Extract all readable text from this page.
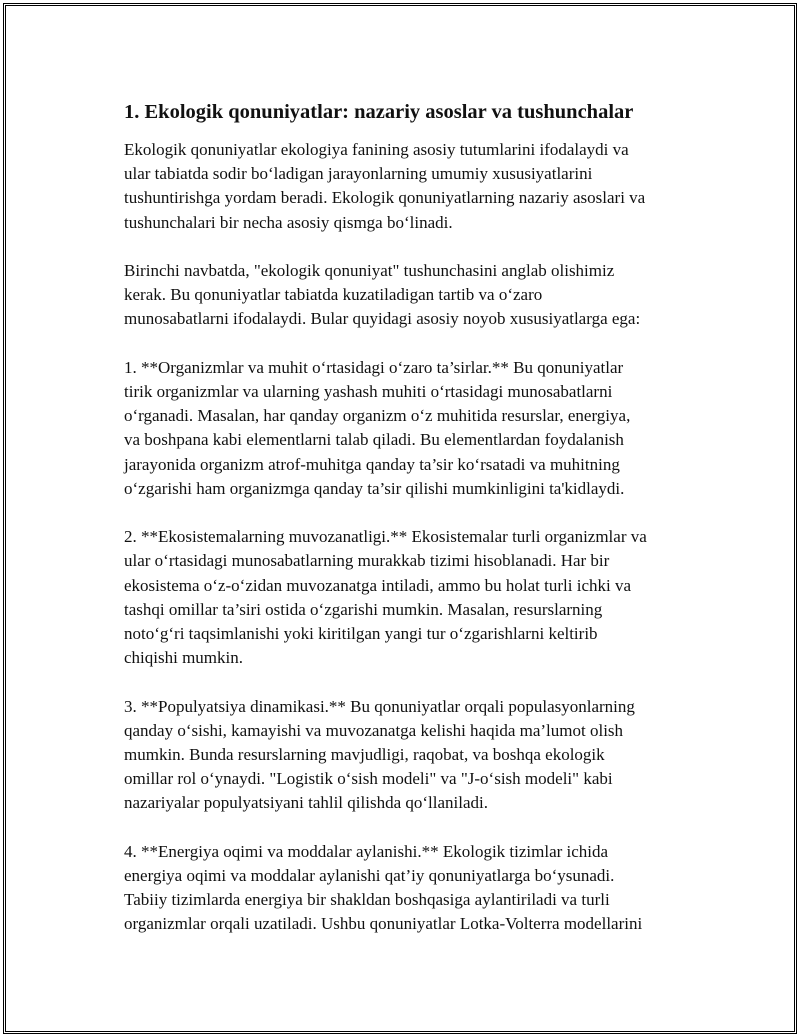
1. Ekologik qonuniyatlar: nazariy asoslar va tushunchalar
Ekologik qonuniyatlar ekologiya fanining asosiy tutumlarini ifodalaydi va
ular tabiatda sodir bo‘ladigan jarayonlarning umumiy xususiyatlarini
tushuntirishga yordam beradi. Ekologik qonuniyatlarning nazariy asoslari va
tushunchalari bir necha asosiy qismga bo‘linadi.
Birinchi navbatda, "ekologik qonuniyat" tushunchasini anglab olishimiz
kerak. Bu qonuniyatlar tabiatda kuzatiladigan tartib va o‘zaro
munosabatlarni ifodalaydi. Bular quyidagi asosiy noyob xususiyatlarga ega:
1. **Organizmlar va muhit o‘rtasidagi o‘zaro ta’sirlar.** Bu qonuniyatlar
tirik organizmlar va ularning yashash muhiti o‘rtasidagi munosabatlarni
o‘rganadi. Masalan, har qanday organizm o‘z muhitida resurslar, energiya,
va boshpana kabi elementlarni talab qiladi. Bu elementlardan foydalanish
jarayonida organizm atrof-muhitga qanday ta’sir ko‘rsatadi va muhitning
o‘zgarishi ham organizmga qanday ta’sir qilishi mumkinligini ta'kidlaydi.
2. **Ekosistemalarning muvozanatligi.** Ekosistemalar turli organizmlar va
ular o‘rtasidagi munosabatlarning murakkab tizimi hisoblanadi. Har bir
ekosistema o‘z-o‘zidan muvozanatga intiladi, ammo bu holat turli ichki va
tashqi omillar ta’siri ostida o‘zgarishi mumkin. Masalan, resurslarning
noto‘g‘ri taqsimlanishi yoki kiritilgan yangi tur o‘zgarishlarni keltirib
chiqishi mumkin.
3. **Populyatsiya dinamikasi.** Bu qonuniyatlar orqali populasyonlarning
qanday o‘sishi, kamayishi va muvozanatga kelishi haqida ma’lumot olish
mumkin. Bunda resurslarning mavjudligi, raqobat, va boshqa ekologik
omillar rol o‘ynaydi. "Logistik o‘sish modeli" va "J-o‘sish modeli" kabi
nazariyalar populyatsiyani tahlil qilishda qo‘llaniladi.
4. **Energiya oqimi va moddalar aylanishi.** Ekologik tizimlar ichida
energiya oqimi va moddalar aylanishi qat’iy qonuniyatlarga bo‘ysunadi.
Tabiiy tizimlarda energiya bir shakldan boshqasiga aylantiriladi va turli
organizmlar orqali uzatiladi. Ushbu qonuniyatlar Lotka-Volterra modellarini
